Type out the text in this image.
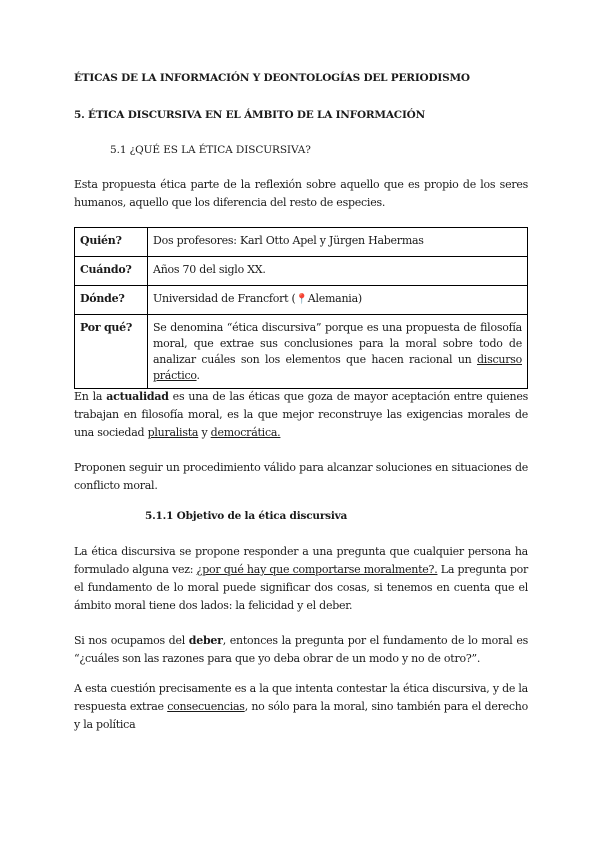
ÉTICAS DE LA INFORMACIÓN Y DEONTOLOGÍAS DEL PERIODISMO
5. ÉTICA DISCURSIVA EN EL ÁMBITO DE LA INFORMACIÓN
5.1 ¿QUÉ ES LA ÉTICA DISCURSIVA?
Esta propuesta ética parte de la reflexión sobre aquello que es propio de los seres humanos, aquello que los diferencia del resto de especies.
Quién?	Dos profesores: Karl Otto Apel y Jürgen Habermas
Cuándo?	Años 70 del siglo XX.
Dónde?	Universidad de Francfort (📍Alemania)
Por qué?	Se denomina “ética discursiva” porque es una propuesta de filosofía moral, que extrae sus conclusiones para la moral sobre todo de analizar cuáles son los elementos que hacen racional un discurso práctico.
En la actualidad es una de las éticas que goza de mayor aceptación entre quienes trabajan en filosofía moral, es la que mejor reconstruye las exigencias morales de una sociedad pluralista y democrática.
Proponen seguir un procedimiento válido para alcanzar soluciones en situaciones de conflicto moral.
5.1.1 Objetivo de la ética discursiva
La ética discursiva se propone responder a una pregunta que cualquier persona ha formulado alguna vez: ¿por qué hay que comportarse moralmente?. La pregunta por el fundamento de lo moral puede significar dos cosas, si tenemos en cuenta que el ámbito moral tiene dos lados: la felicidad y el deber.
Si nos ocupamos del deber, entonces la pregunta por el fundamento de lo moral es “¿cuáles son las razones para que yo deba obrar de un modo y no de otro?”.
A esta cuestión precisamente es a la que intenta contestar la ética discursiva, y de la respuesta extrae consecuencias, no sólo para la moral, sino también para el derecho y la política
